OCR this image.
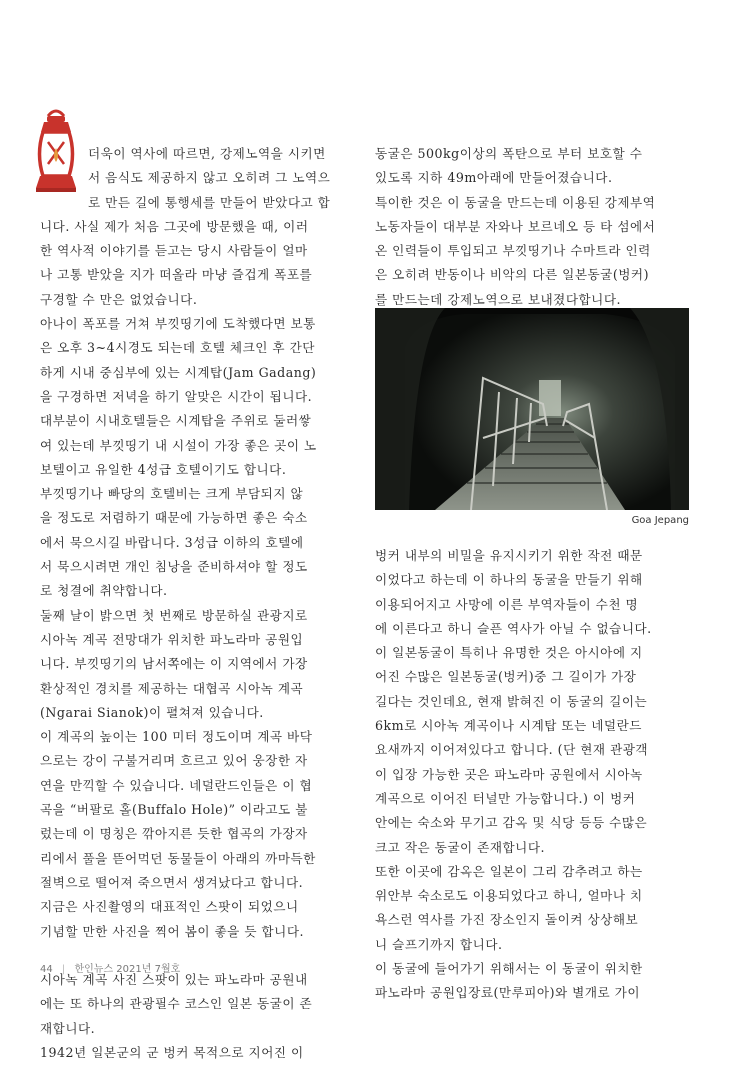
더욱이 역사에 따르면, 강제노역을 시키면

서 음식도 제공하지 않고 오히려 그 노역으

로 만든 길에 통행세를 만들어 받았다고 합

니다. 사실 제가 처음 그곳에 방문했을 때, 이러

한 역사적 이야기를 듣고는 당시 사람들이 얼마

나 고통 받았을 지가 떠올라 마냥 즐겁게 폭포를

구경할 수 만은 없었습니다.

아나이 폭포를 거쳐 부낏띵기에 도착했다면 보통

은 오후 3~4시경도 되는데 호텔 체크인 후 간단

하게 시내 중심부에 있는 시계탑(Jam Gadang)

을 구경하면 저녁을 하기 알맞은 시간이 됩니다.

대부분이 시내호텔들은 시계탑을 주위로 둘러쌓

여 있는데 부낏띵기 내 시설이 가장 좋은 곳이 노

보텔이고 유일한 4성급 호텔이기도 합니다.

부낏띵기나 빠당의 호텔비는 크게 부담되지 않

을 정도로 저렴하기 때문에 가능하면 좋은 숙소

에서 묵으시길 바랍니다. 3성급 이하의 호텔에

서 묵으시려면 개인 침낭을 준비하셔야 할 정도

로 청결에 취약합니다.

둘째 날이 밝으면 첫 번째로 방문하실 관광지로

시아녹 계곡 전망대가 위치한 파노라마 공원입

니다. 부낏띵기의 남서쪽에는 이 지역에서 가장

환상적인 경치를 제공하는 대협곡 시아녹 계곡

(Ngarai Sianok)이 펼쳐져 있습니다.

이 계곡의 높이는 100 미터 정도이며 계곡 바닥

으로는 강이 구불거리며 흐르고 있어 웅장한 자

연을 만끽할 수 있습니다. 네덜란드인들은 이 협

곡을 “버팔로 홀(Buffalo Hole)” 이라고도 불

렀는데 이 명칭은 깎아지른 듯한 협곡의 가장자

리에서 풀을 뜯어먹던 동물들이 아래의 까마득한

절벽으로 떨어져 죽으면서 생겨났다고 합니다.

지금은 사진촬영의 대표적인 스팟이 되었으니

기념할 만한 사진을 찍어 봄이 좋을 듯 합니다.

시아녹 계곡 사진 스팟이 있는 파노라마 공원내

에는 또 하나의 관광필수 코스인 일본 동굴이 존

재합니다.

1942년 일본군의 군 벙커 목적으로 지어진 이

동굴은 500kg이상의 폭탄으로 부터 보호할 수

있도록 지하 49m아래에 만들어졌습니다.

특이한 것은 이 동굴을 만드는데 이용된 강제부역

노동자들이 대부분 자와나 보르네오 등 타 섬에서

온 인력들이 투입되고 부낏띵기나 수마트라 인력

은 오히려 반동이나 비악의 다른 일본동굴(벙커)

를 만드는데 강제노역으로 보내졌다합니다.

Goa Jepang

벙커 내부의 비밀을 유지시키기 위한 작전 때문

이었다고 하는데 이 하나의 동굴을 만들기 위해

이용되어지고 사망에 이른 부역자들이 수천 명

에 이른다고 하니 슬픈 역사가 아닐 수 없습니다.

이 일본동굴이 특히나 유명한 것은 아시아에 지

어진 수많은 일본동굴(벙커)중 그 길이가 가장

길다는 것인데요, 현재 밝혀진 이 동굴의 길이는

6km로 시아녹 계곡이나 시계탑 또는 네덜란드

요새까지 이어져있다고 합니다. (단 현재 관광객

이 입장 가능한 곳은 파노라마 공원에서 시아녹

계곡으로 이어진 터널만 가능합니다.) 이 벙커

안에는 숙소와 무기고 감옥 및 식당 등등 수많은

크고 작은 동굴이 존재합니다.

또한 이곳에 감옥은 일본이 그리 감추려고 하는

위안부 숙소로도 이용되었다고 하니, 얼마나 치

욕스런 역사를 가진 장소인지 돌이켜 상상해보

니 슬프기까지 합니다.

이 동굴에 들어가기 위해서는 이 동굴이 위치한

파노라마 공원입장료(만루피아)와 별개로 가이

44 | 한인뉴스 2021년 7월호
